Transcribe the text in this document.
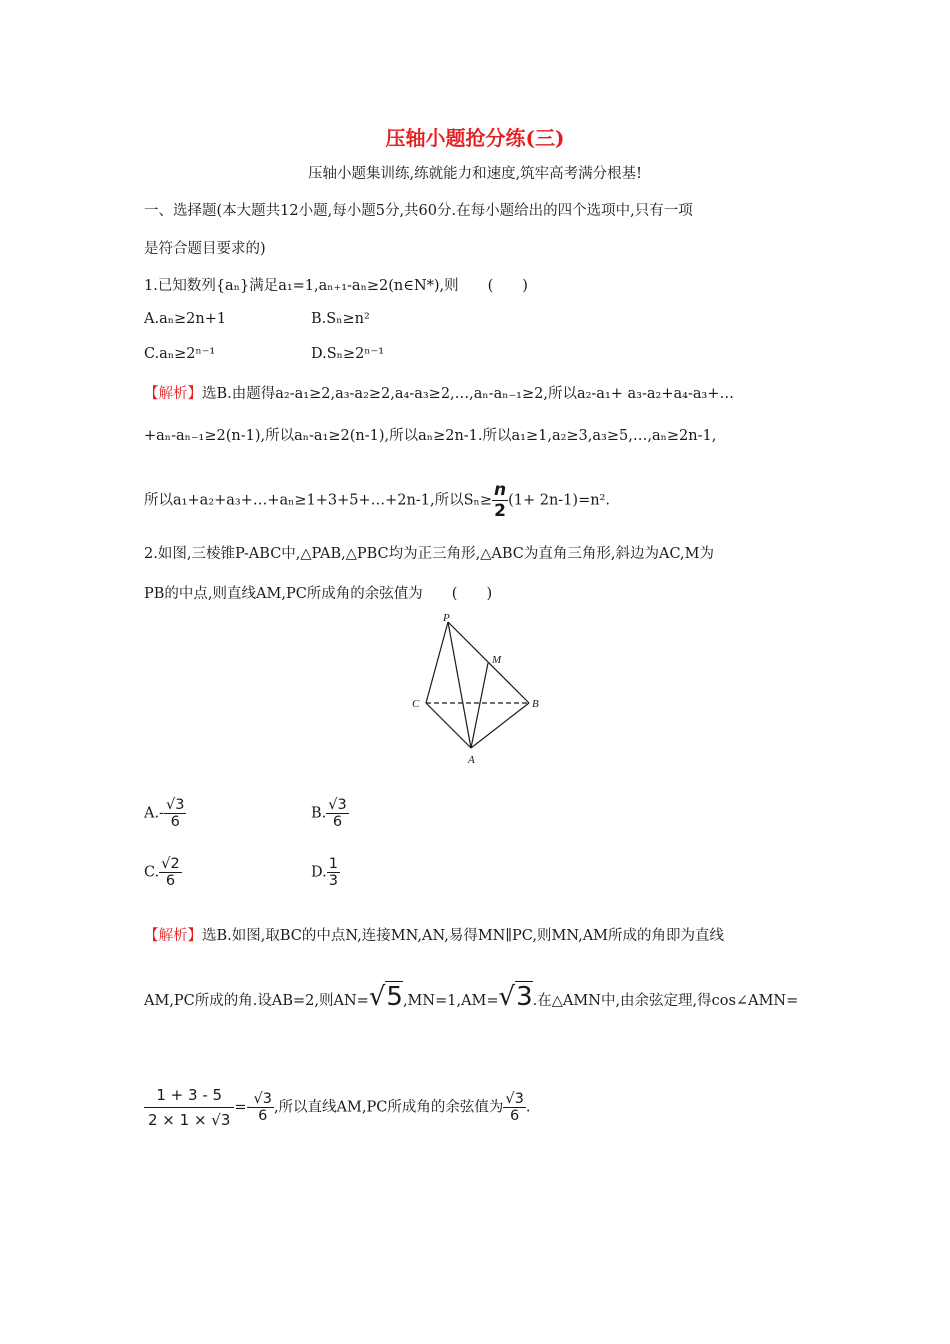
压轴小题抢分练(三)
压轴小题集训练,练就能力和速度,筑牢高考满分根基!
一、选择题(本大题共12小题,每小题5分,共60分.在每小题给出的四个选项中,只有一项
是符合题目要求的)
1.已知数列{aₙ}满足a₁=1,aₙ₊₁-aₙ≥2(n∈N*),则　　(　　)
A.aₙ≥2n+1	B.Sₙ≥n²
C.aₙ≥2ⁿ⁻¹	D.Sₙ≥2ⁿ⁻¹
【解析】选B.由题得a₂-a₁≥2,a₃-a₂≥2,a₄-a₃≥2,…,aₙ-aₙ₋₁≥2,所以a₂-a₁+ a₃-a₂+a₄-a₃+…
+aₙ-aₙ₋₁≥2(n-1),所以aₙ-a₁≥2(n-1),所以aₙ≥2n-1.所以a₁≥1,a₂≥3,a₃≥5,…,aₙ≥2n-1,
所以a₁+a₂+a₃+…+aₙ≥1+3+5+…+2n-1,所以$S_n\ge \frac{n}{2} (1+ 2n-1)=n^2$.
2.如图,三棱锥P-ABC中,△PAB,△PBC均为正三角形,△ABC为直角三角形,斜边为AC,M为
PB的中点,则直线AM,PC所成角的余弦值为　　(　　)
P
M
C	B
A
$A.- \frac{√3}{6}$	B. $\frac{√3}{6}$
C. $\frac{√2}{6}$	D. $\frac{1}{3}$
【解析】选B.如图,取BC的中点N,连接MN,AN,易得MN∥PC,则MN,AM所成的角即为直线
AM,PC所成的角.设AB=2,则AN=√5,MN=1,AM=√3.在△AMN中,由余弦定理,得cos∠AMN=
$\frac{1 + 3 - 5}{2 \times 1 \times √3} =- \frac{√3}{6}$ ,所以直线AM,PC所成角的余弦值为 $\frac{√3}{6}$ .
